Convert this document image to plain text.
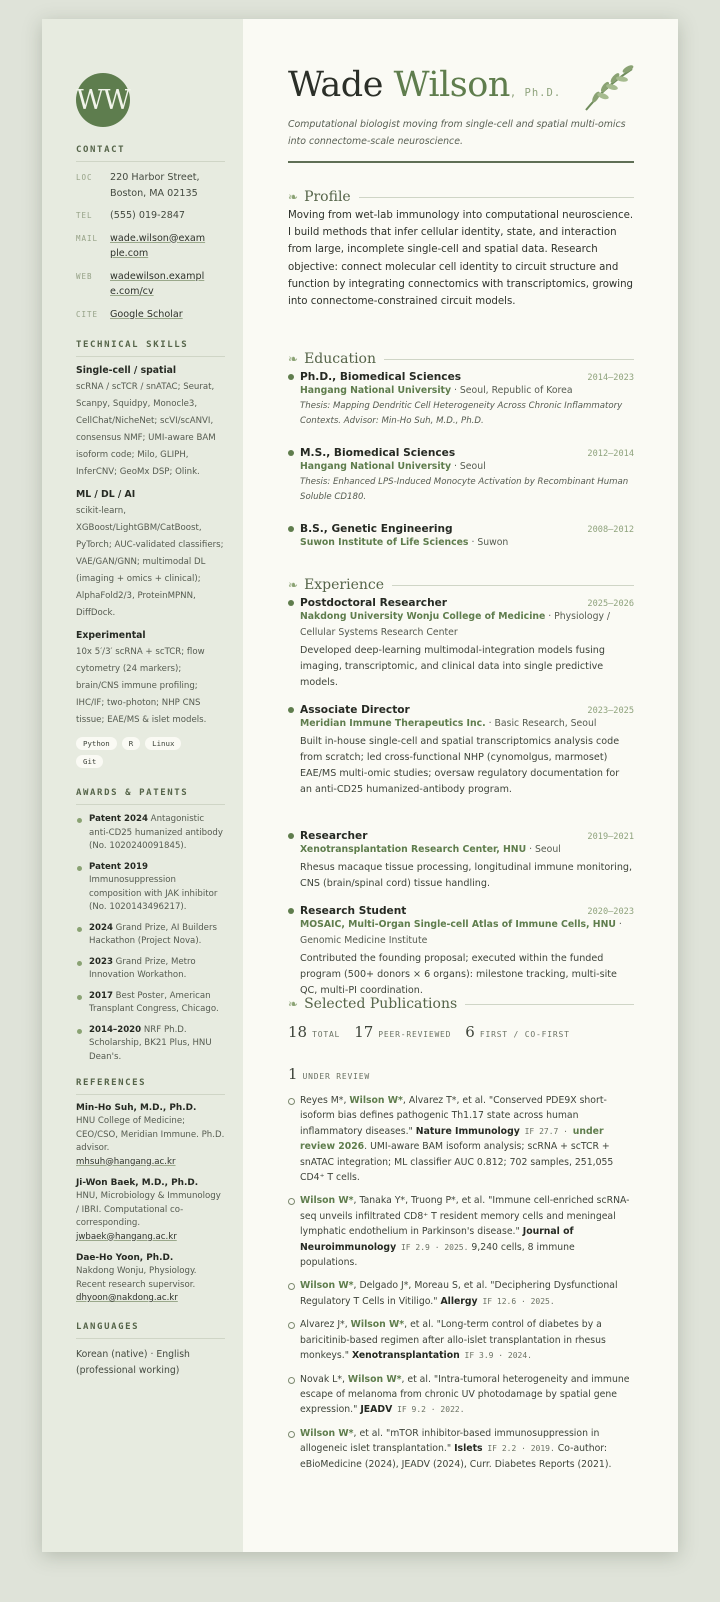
WW
CONTACT
LOC	220 Harbor Street, Boston, MA 02135
TEL	(555) 019-2847
MAIL	wade.wilson@example.com
WEB	wadewilson.example.com/cv
CITE	Google Scholar
TECHNICAL SKILLS
Single-cell / spatial
scRNA / scTCR / snATAC; Seurat, Scanpy, Squidpy, Monocle3, CellChat/NicheNet; scVI/scANVI, consensus NMF; UMI-aware BAM isoform code; Milo, GLIPH, InferCNV; GeoMx DSP; Olink.
ML / DL / AI
scikit-learn, XGBoost/LightGBM/CatBoost, PyTorch; AUC-validated classifiers; VAE/GAN/GNN; multimodal DL (imaging + omics + clinical); AlphaFold2/3, ProteinMPNN, DiffDock.
Experimental
10x 5′/3′ scRNA + scTCR; flow cytometry (24 markers); brain/CNS immune profiling; IHC/IF; two-photon; NHP CNS tissue; EAE/MS & islet models.
Python	R	Linux
Git
AWARDS & PATENTS
Patent 2024 Antagonistic anti-CD25 humanized antibody (No. 1020240091845).
Patent 2019 Immunosuppression composition with JAK inhibitor (No. 1020143496217).
2024 Grand Prize, AI Builders Hackathon (Project Nova).
2023 Grand Prize, Metro Innovation Workathon.
2017 Best Poster, American Transplant Congress, Chicago.
2014–2020 NRF Ph.D. Scholarship, BK21 Plus, HNU Dean's.
REFERENCES
Min-Ho Suh, M.D., Ph.D.
HNU College of Medicine; CEO/CSO, Meridian Immune. Ph.D. advisor.
mhsuh@hangang.ac.kr
Ji-Won Baek, M.D., Ph.D.
HNU, Microbiology & Immunology / IBRI. Computational co-corresponding.
jwbaek@hangang.ac.kr
Dae-Ho Yoon, Ph.D.
Nakdong Wonju, Physiology. Recent research supervisor.
dhyoon@nakdong.ac.kr
LANGUAGES
Korean (native) · English (professional working)
Wade Wilson, Ph.D.
Computational biologist moving from single-cell and spatial multi-omics into connectome-scale neuroscience.
❧ Profile
Moving from wet-lab immunology into computational neuroscience. I build methods that infer cellular identity, state, and interaction from large, incomplete single-cell and spatial data. Research objective: connect molecular cell identity to circuit structure and function by integrating connectomics with transcriptomics, growing into connectome-constrained circuit models.
❧ Education
Ph.D., Biomedical Sciences	2014–2023
Hangang National University · Seoul, Republic of Korea
Thesis: Mapping Dendritic Cell Heterogeneity Across Chronic Inflammatory Contexts. Advisor: Min-Ho Suh, M.D., Ph.D.
M.S., Biomedical Sciences	2012–2014
Hangang National University · Seoul
Thesis: Enhanced LPS-Induced Monocyte Activation by Recombinant Human Soluble CD180.
B.S., Genetic Engineering	2008–2012
Suwon Institute of Life Sciences · Suwon
❧ Experience
Postdoctoral Researcher	2025–2026
Nakdong University Wonju College of Medicine · Physiology / Cellular Systems Research Center
Developed deep-learning multimodal-integration models fusing imaging, transcriptomic, and clinical data into single predictive models.
Associate Director	2023–2025
Meridian Immune Therapeutics Inc. · Basic Research, Seoul
Built in-house single-cell and spatial transcriptomics analysis code from scratch; led cross-functional NHP (cynomolgus, marmoset) EAE/MS multi-omic studies; oversaw regulatory documentation for an anti-CD25 humanized-antibody program.
Researcher	2019–2021
Xenotransplantation Research Center, HNU · Seoul
Rhesus macaque tissue processing, longitudinal immune monitoring, CNS (brain/spinal cord) tissue handling.
Research Student	2020–2023
MOSAIC, Multi-Organ Single-cell Atlas of Immune Cells, HNU · Genomic Medicine Institute
Contributed the founding proposal; executed within the funded program (500+ donors × 6 organs): milestone tracking, multi-site QC, multi-PI coordination.
❧ Selected Publications
18 TOTAL 17 PEER-REVIEWED 6 FIRST / CO-FIRST
1 UNDER REVIEW
Reyes M*, Wilson W*, Alvarez T*, et al. "Conserved PDE9X short-isoform bias defines pathogenic Th1.17 state across human inflammatory diseases." Nature Immunology IF 27.7 · under review 2026. UMI-aware BAM isoform analysis; scRNA + scTCR + snATAC integration; ML classifier AUC 0.812; 702 samples, 251,055 CD4⁺ T cells.
Wilson W*, Tanaka Y*, Truong P*, et al. "Immune cell-enriched scRNA-seq unveils infiltrated CD8⁺ T resident memory cells and meningeal lymphatic endothelium in Parkinson's disease." Journal of Neuroimmunology IF 2.9 · 2025. 9,240 cells, 8 immune populations.
Wilson W*, Delgado J*, Moreau S, et al. "Deciphering Dysfunctional Regulatory T Cells in Vitiligo." Allergy IF 12.6 · 2025.
Alvarez J*, Wilson W*, et al. "Long-term control of diabetes by a baricitinib-based regimen after allo-islet transplantation in rhesus monkeys." Xenotransplantation IF 3.9 · 2024.
Novak L*, Wilson W*, et al. "Intra-tumoral heterogeneity and immune escape of melanoma from chronic UV photodamage by spatial gene expression." JEADV IF 9.2 · 2022.
Wilson W*, et al. "mTOR inhibitor-based immunosuppression in allogeneic islet transplantation." Islets IF 2.2 · 2019. Co-author: eBioMedicine (2024), JEADV (2024), Curr. Diabetes Reports (2021).
